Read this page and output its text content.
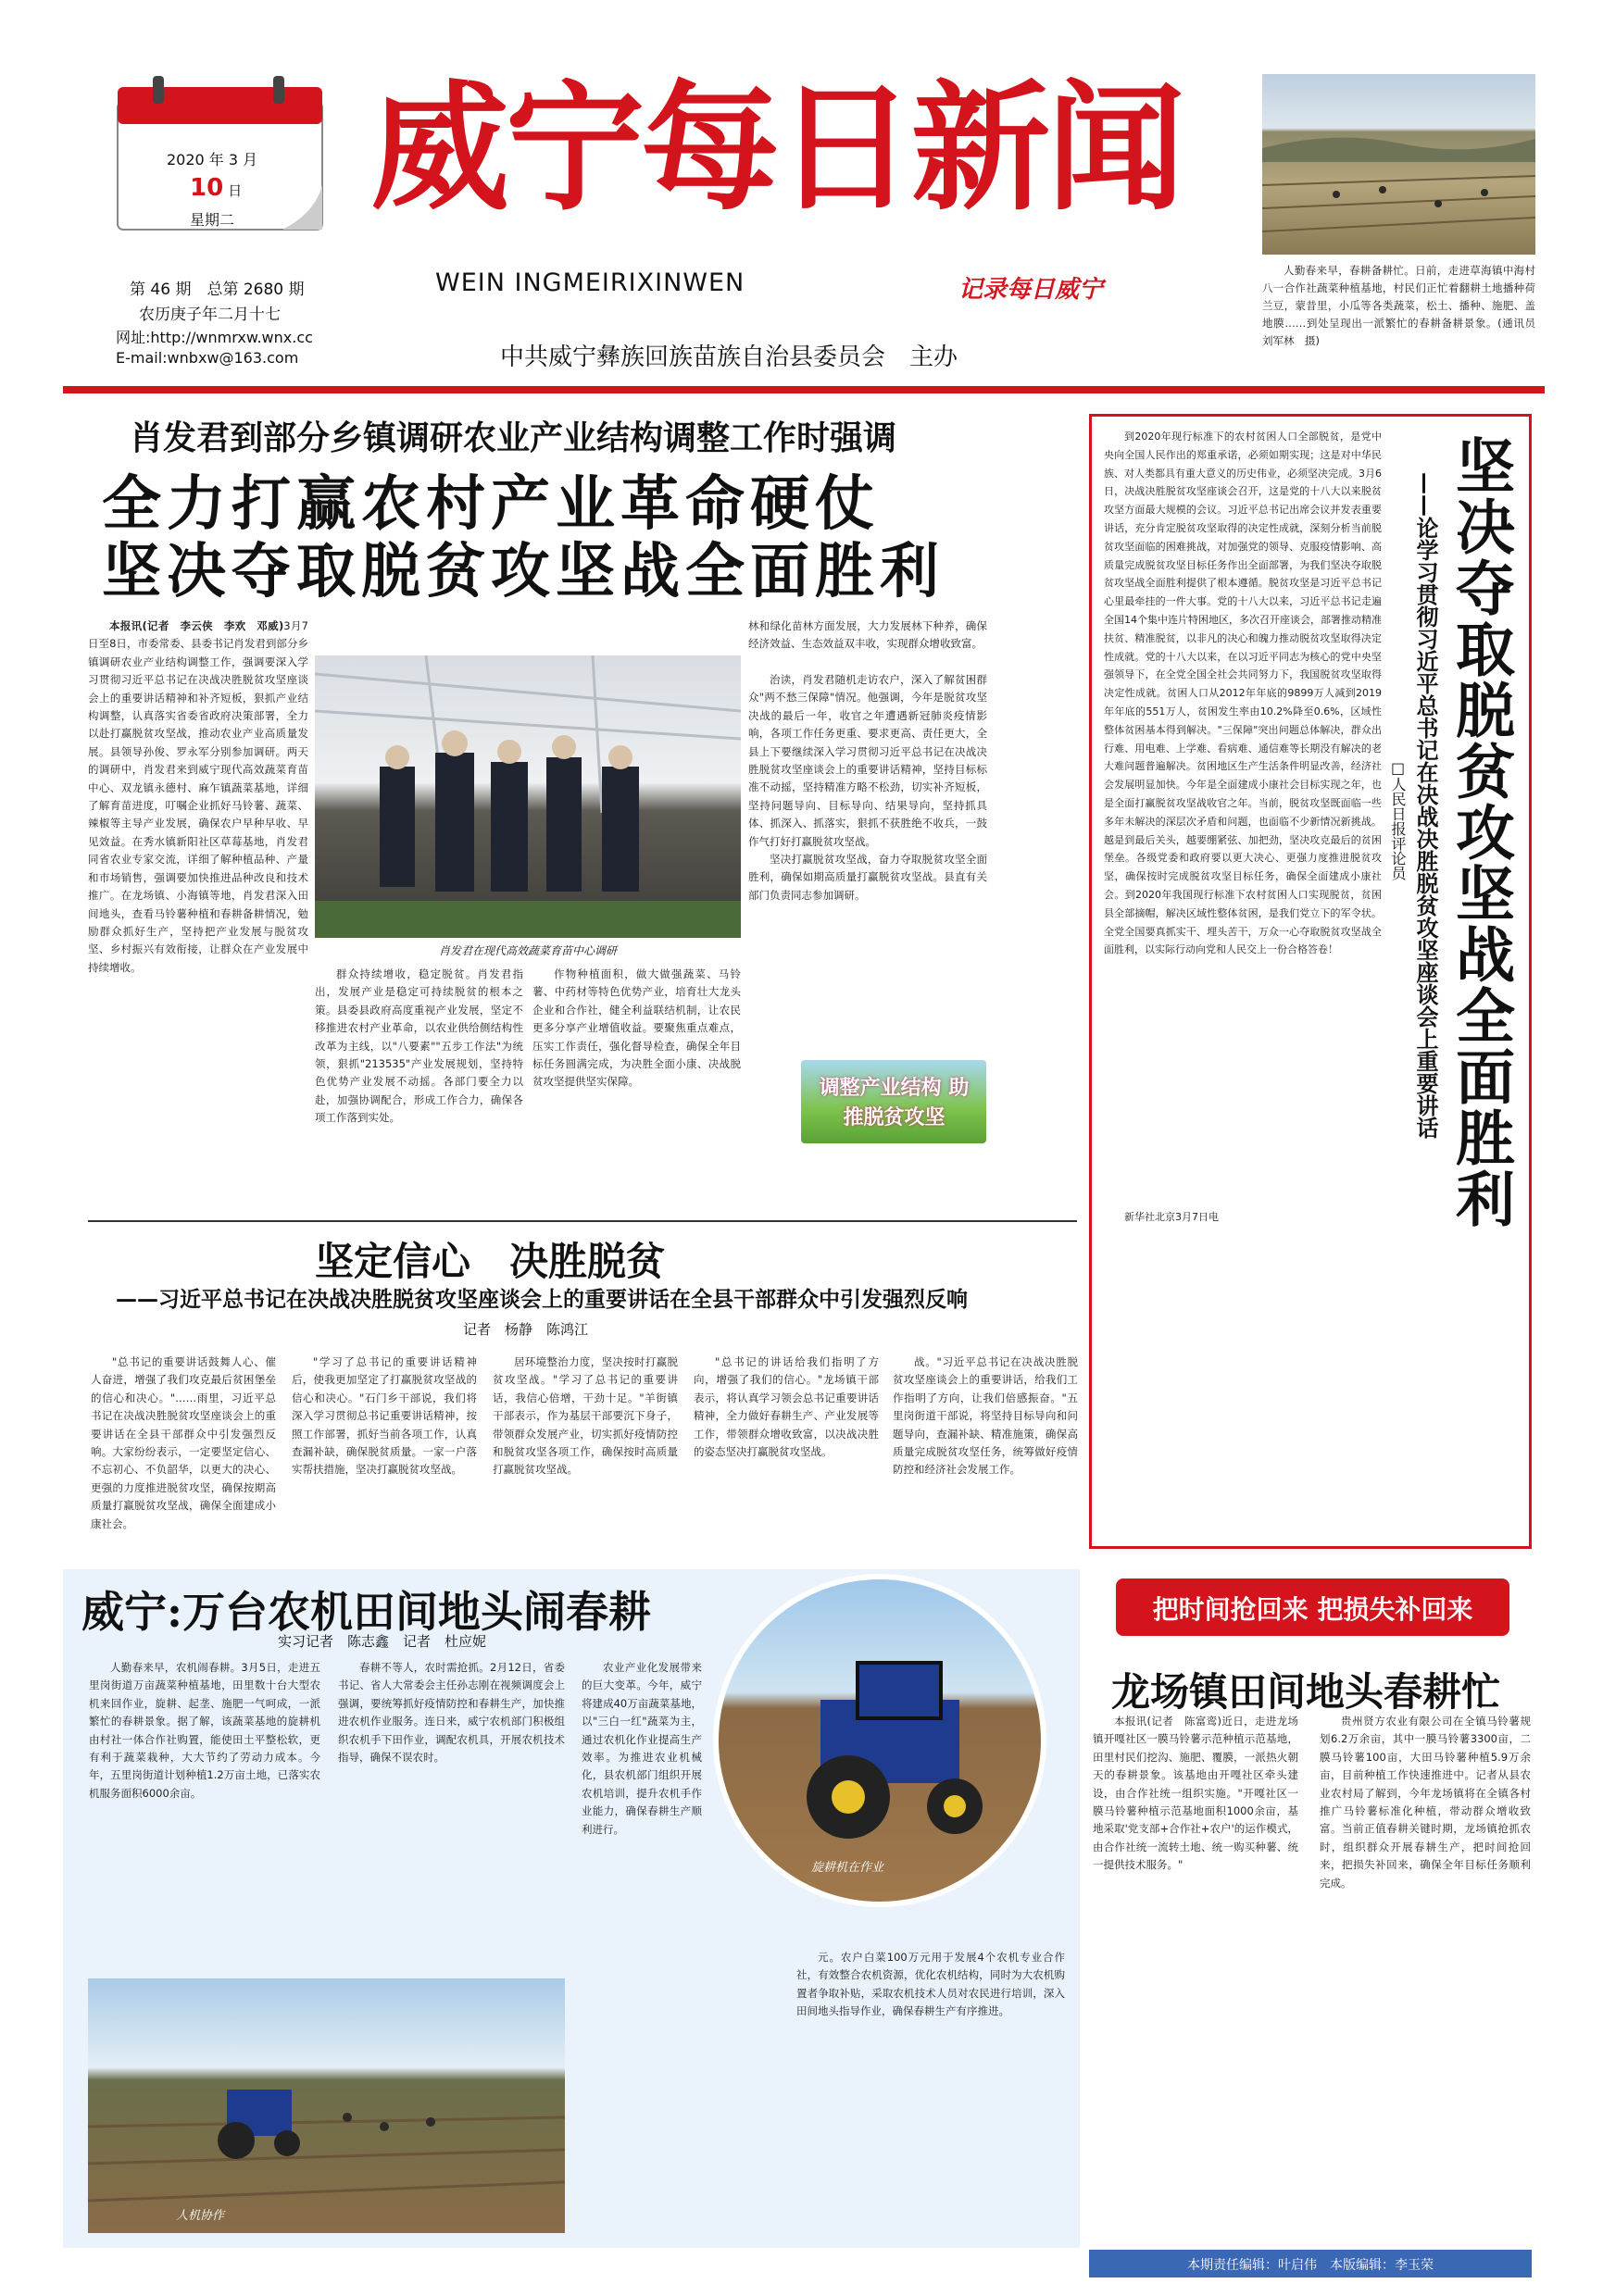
2020 年 3 月
10 日
星期二
第 46 期　总第 2680 期
农历庚子年二月十七
网址:http://wnmrxw.wnx.cc
E-mail:wnbxw@163.com
威宁每日新闻
WEIN INGMEIRIXINWEN	记录每日威宁
中共威宁彝族回族苗族自治县委员会　主办
人勤春来早，春耕备耕忙。日前，走进草海镇中海村八一合作社蔬菜种植基地，村民们正忙着翻耕土地播种荷兰豆，蒙昔里，小瓜等各类蔬菜，松土、播种、施肥、盖地膜……到处呈现出一派繁忙的春耕备耕景象。(通讯员　刘军林　摄)
肖发君到部分乡镇调研农业产业结构调整工作时强调
全力打赢农村产业革命硬仗
坚决夺取脱贫攻坚战全面胜利

本报讯(记者　李云侠　李欢　邓威)3月7日至8日，市委常委、县委书记肖发君到部分乡镇调研农业产业结构调整工作，强调要深入学习贯彻习近平总书记在决战决胜脱贫攻坚座谈会上的重要讲话精神和补齐短板，狠抓产业结构调整，认真落实省委省政府决策部署，全力以赴打赢脱贫攻坚战，推动农业产业高质量发展。县领导孙俊、罗永军分别参加调研。两天的调研中，肖发君来到威宁现代高效蔬菜育苗中心、双龙镇永德村、麻乍镇蔬菜基地，详细了解育苗进度，叮嘱企业抓好马铃薯、蔬菜、辣椒等主导产业发展，确保农户早种早收、早见效益。在秀水镇新阳社区草莓基地，肖发君同省农业专家交流，详细了解种植品种、产量和市场销售，强调要加快推进品种改良和技术推广。在龙场镇、小海镇等地，肖发君深入田间地头，查看马铃薯种植和春耕备耕情况，勉励群众抓好生产，坚持把产业发展与脱贫攻坚、乡村振兴有效衔接，让群众在产业发展中持续增收。

肖发君在现代高效蔬菜育苗中心调研
林和绿化苗林方面发展，大力发展林下种养，确保经济效益、生态效益双丰收，实现群众增收致富。

治读，肖发君随机走访农户，深入了解贫困群众"两不愁三保障"情况。他强调，今年是脱贫攻坚决战的最后一年，收官之年遭遇新冠肺炎疫情影响，各项工作任务更重、要求更高、责任更大，全县上下要继续深入学习贯彻习近平总书记在决战决胜脱贫攻坚座谈会上的重要讲话精神，坚持目标标准不动摇，坚持精准方略不松劲，切实补齐短板，坚持问题导向、目标导向、结果导向，坚持抓具体、抓深入、抓落实，狠抓不获胜绝不收兵，一鼓作气打好打赢脱贫攻坚战。

坚决打赢脱贫攻坚战，奋力夺取脱贫攻坚全面胜利，确保如期高质量打赢脱贫攻坚战。县直有关部门负责同志参加调研。

群众持续增收，稳定脱贫。肖发君指出，发展产业是稳定可持续脱贫的根本之策。县委县政府高度重视产业发展，坚定不移推进农村产业革命，以农业供给侧结构性改革为主线，以"八要素""五步工作法"为统领，狠抓"213535"产业发展规划，坚持特色优势产业发展不动摇。各部门要全力以赴，加强协调配合，形成工作合力，确保各项工作落到实处。
作物种植面积，做大做强蔬菜、马铃薯、中药材等特色优势产业，培育壮大龙头企业和合作社，健全利益联结机制，让农民更多分享产业增值收益。要聚焦重点难点，压实工作责任，强化督导检查，确保全年目标任务圆满完成，为决胜全面小康、决战脱贫攻坚提供坚实保障。	调整产业结构 助推脱贫攻坚
到2020年现行标准下的农村贫困人口全部脱贫，是党中央向全国人民作出的郑重承诺，必须如期实现；这是对中华民族、对人类都具有重大意义的历史伟业，必须坚决完成。3月6日，决战决胜脱贫攻坚座谈会召开，这是党的十八大以来脱贫攻坚方面最大规模的会议。习近平总书记出席会议并发表重要讲话，充分肯定脱贫攻坚取得的决定性成就，深刻分析当前脱贫攻坚面临的困难挑战，对加强党的领导、克服疫情影响、高质量完成脱贫攻坚目标任务作出全面部署，为我们坚决夺取脱贫攻坚战全面胜利提供了根本遵循。脱贫攻坚是习近平总书记心里最牵挂的一件大事。党的十八大以来，习近平总书记走遍全国14个集中连片特困地区，多次召开座谈会，部署推动精准扶贫、精准脱贫，以非凡的决心和魄力推动脱贫攻坚取得决定性成就。党的十八大以来，在以习近平同志为核心的党中央坚强领导下，在全党全国全社会共同努力下，我国脱贫攻坚取得决定性成就。贫困人口从2012年年底的9899万人减到2019年年底的551万人，贫困发生率由10.2%降至0.6%，区域性整体贫困基本得到解决。"三保障"突出问题总体解决，群众出行难、用电难、上学难、看病难、通信难等长期没有解决的老大难问题普遍解决。贫困地区生产生活条件明显改善，经济社会发展明显加快。今年是全面建成小康社会目标实现之年，也是全面打赢脱贫攻坚战收官之年。当前，脱贫攻坚既面临一些多年未解决的深层次矛盾和问题，也面临不少新情况新挑战。越是到最后关头，越要绷紧弦、加把劲，坚决攻克最后的贫困堡垒。各级党委和政府要以更大决心、更强力度推进脱贫攻坚，确保按时完成脱贫攻坚目标任务，确保全面建成小康社会。到2020年我国现行标准下农村贫困人口实现脱贫，贫困县全部摘帽，解决区域性整体贫困，是我们党立下的军令状。全党全国要真抓实干、埋头苦干，万众一心夺取脱贫攻坚战全面胜利，以实际行动向党和人民交上一份合格答卷！
新华社北京3月7日电	坚决夺取脱贫攻坚战全面胜利
——论学习贯彻习近平总书记在决战决胜脱贫攻坚座谈会上重要讲话
□人民日报评论员
坚定信心　决胜脱贫
——习近平总书记在决战决胜脱贫攻坚座谈会上的重要讲话在全县干部群众中引发强烈反响
记者　杨静　陈鸿江
"总书记的重要讲话鼓舞人心、催人奋进，增强了我们攻克最后贫困堡垒的信心和决心。"……雨里，习近平总书记在决战决胜脱贫攻坚座谈会上的重要讲话在全县干部群众中引发强烈反响。大家纷纷表示，一定要坚定信心、不忘初心、不负韶华，以更大的决心、更强的力度推进脱贫攻坚，确保按期高质量打赢脱贫攻坚战，确保全面建成小康社会。
"学习了总书记的重要讲话精神后，使我更加坚定了打赢脱贫攻坚战的信心和决心。"石门乡干部说，我们将深入学习贯彻总书记重要讲话精神，按照工作部署，抓好当前各项工作，认真查漏补缺，确保脱贫质量。一家一户落实帮扶措施，坚决打赢脱贫攻坚战。
居环境整治力度，坚决按时打赢脱贫攻坚战。"学习了总书记的重要讲话，我信心倍增，干劲十足。"羊街镇干部表示，作为基层干部要沉下身子，带领群众发展产业，切实抓好疫情防控和脱贫攻坚各项工作，确保按时高质量打赢脱贫攻坚战。
"总书记的讲话给我们指明了方向，增强了我们的信心。"龙场镇干部表示，将认真学习领会总书记重要讲话精神，全力做好春耕生产、产业发展等工作，带领群众增收致富，以决战决胜的姿态坚决打赢脱贫攻坚战。
战。"习近平总书记在决战决胜脱贫攻坚座谈会上的重要讲话，给我们工作指明了方向，让我们倍感振奋。"五里岗街道干部说，将坚持目标导向和问题导向，查漏补缺、精准施策，确保高质量完成脱贫攻坚任务，统筹做好疫情防控和经济社会发展工作。
威宁:万台农机田间地头闹春耕
实习记者　陈志鑫　记者　杜应妮
人勤春来早，农机闹春耕。3月5日，走进五里岗街道万亩蔬菜种植基地，田里数十台大型农机来回作业，旋耕、起垄、施肥一气呵成，一派繁忙的春耕景象。据了解，该蔬菜基地的旋耕机由村社一体合作社购置，能使田土平整松软，更有利于蔬菜栽种，大大节约了劳动力成本。今年，五里岗街道计划种植1.2万亩土地，已落实农机服务面积6000余亩。
春耕不等人，农时需抢抓。2月12日，省委书记、省人大常委会主任孙志刚在视频调度会上强调，要统筹抓好疫情防控和春耕生产，加快推进农机作业服务。连日来，威宁农机部门积极组织农机手下田作业，调配农机具，开展农机技术指导，确保不误农时。
农业产业化发展带来的巨大变革。今年，威宁将建成40万亩蔬菜基地，以"三白一红"蔬菜为主，通过农机化作业提高生产效率。为推进农业机械化，县农机部门组织开展农机培训，提升农机手作业能力，确保春耕生产顺利进行。
元。农户白菜100万元用于发展4个农机专业合作社，有效整合农机资源，优化农机结构，同时为大农机购置者争取补贴，采取农机技术人员对农民进行培训，深入田间地头指导作业，确保春耕生产有序推进。
旋耕机在作业
人机协作
把时间抢回来 把损失补回来
龙场镇田间地头春耕忙
本报讯(记者　陈富鸾)近日，走进龙场镇开嘎社区一膜马铃薯示范种植示范基地，田里村民们挖沟、施肥、覆膜，一派热火朝天的春耕景象。该基地由开嘎社区牵头建设，由合作社统一组织实施。"开嘎社区一膜马铃薯种植示范基地面积1000余亩，基地采取'党支部+合作社+农户'的运作模式，由合作社统一流转土地、统一购买种薯、统一提供技术服务。"
贵州贤方农业有限公司在全镇马铃薯规划6.2万余亩，其中一膜马铃薯3300亩，二膜马铃薯100亩，大田马铃薯种植5.9万余亩，目前种植工作快速推进中。记者从县农业农村局了解到，今年龙场镇将在全镇各村推广马铃薯标准化种植，带动群众增收致富。当前正值春耕关键时期，龙场镇抢抓农时，组织群众开展春耕生产，把时间抢回来，把损失补回来，确保全年目标任务顺利完成。
本期责任编辑：叶启伟　本版编辑：李玉荣
